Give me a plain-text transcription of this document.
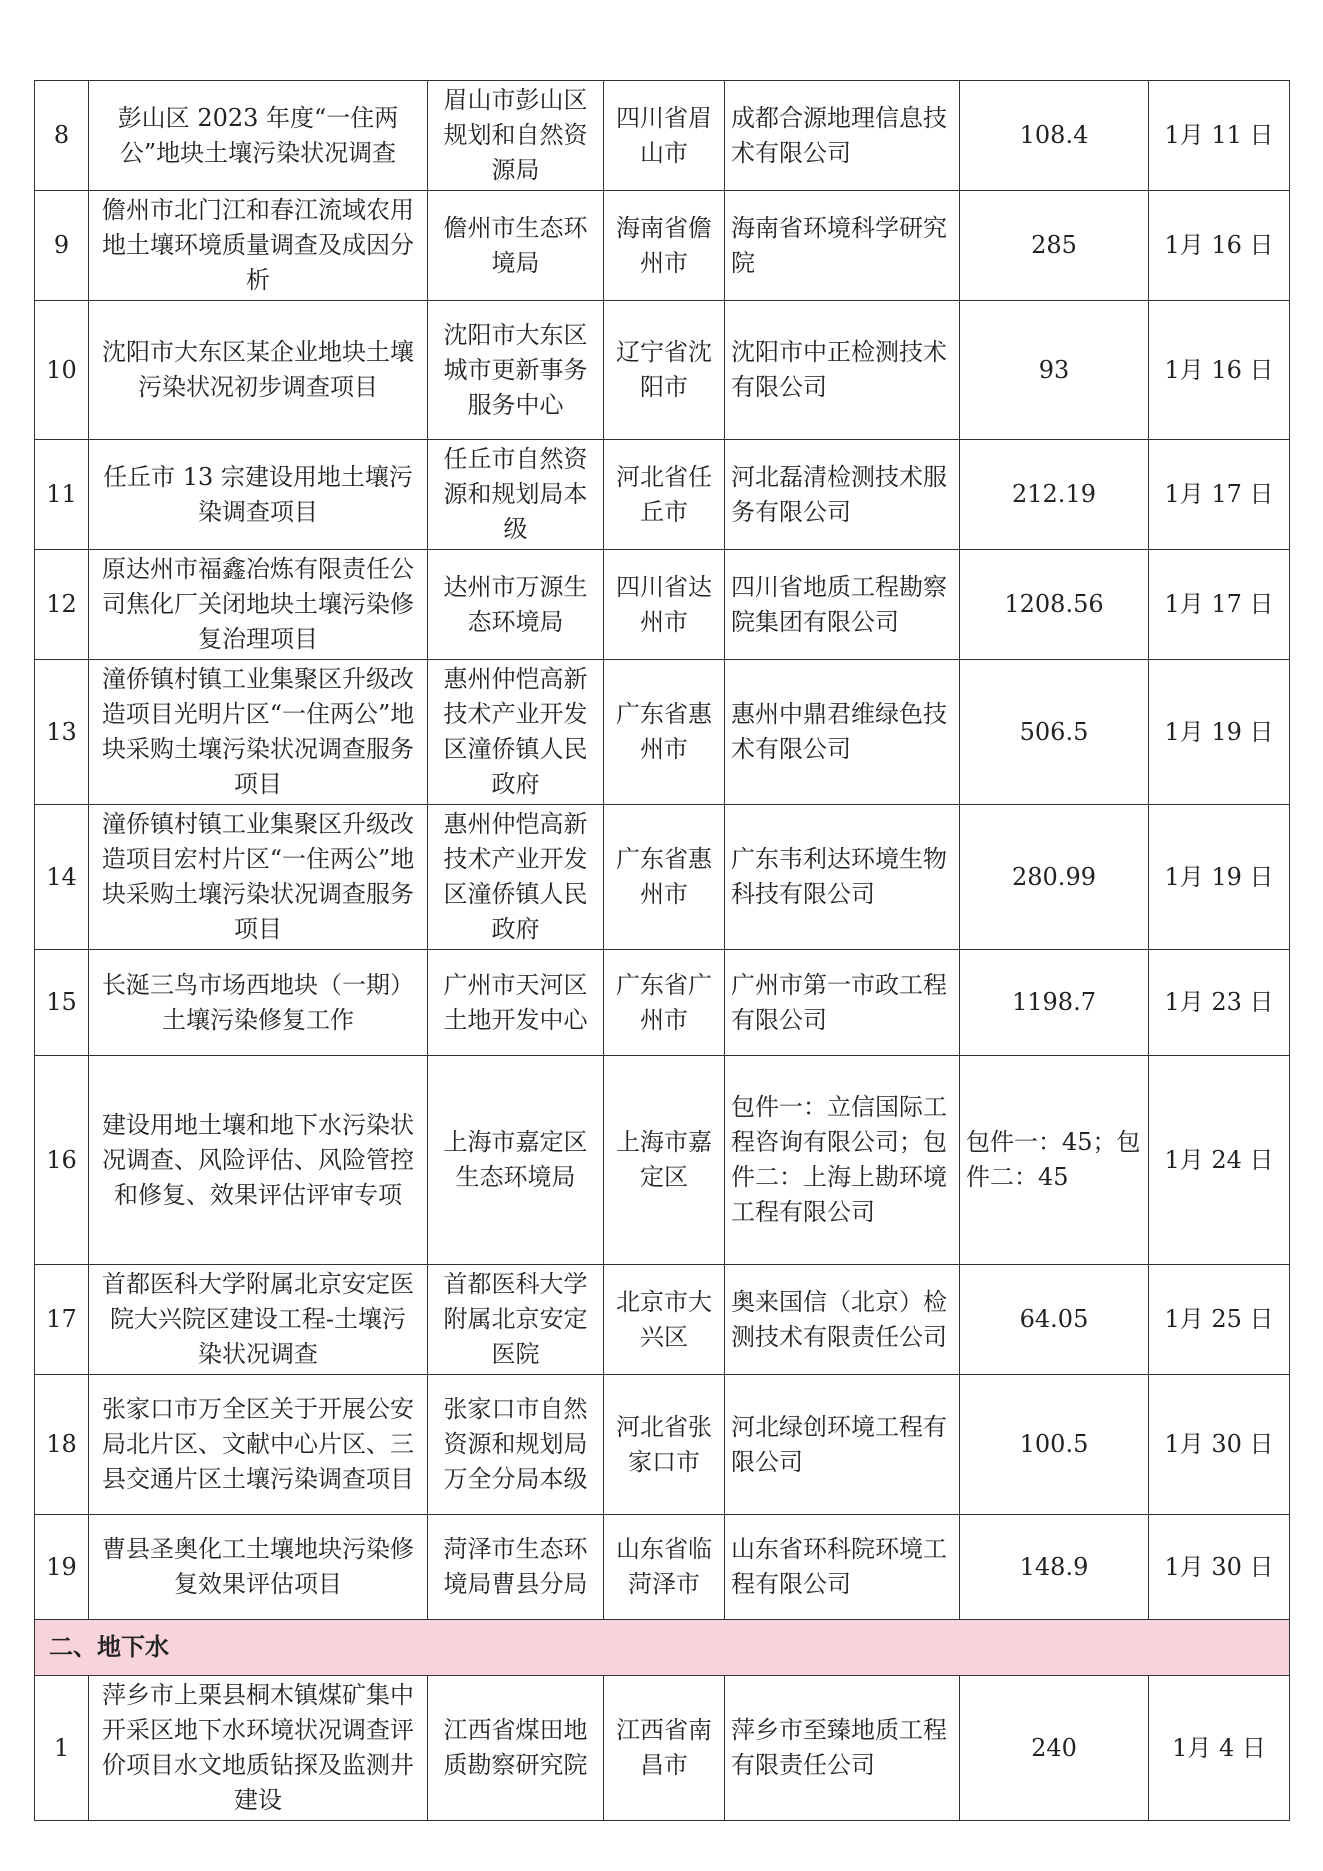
8	彭山区 2023 年度“一住两公”地块土壤污染状况调查	眉山市彭山区规划和自然资源局	四川省眉山市	成都合源地理信息技术有限公司	108.4	1月 11 日
9	儋州市北门江和春江流域农用地土壤环境质量调查及成因分析	儋州市生态环境局	海南省儋州市	海南省环境科学研究院	285	1月 16 日
10	沈阳市大东区某企业地块土壤污染状况初步调查项目	沈阳市大东区城市更新事务服务中心	辽宁省沈阳市	沈阳市中正检测技术有限公司	93	1月 16 日
11	任丘市 13 宗建设用地土壤污染调查项目	任丘市自然资源和规划局本级	河北省任丘市	河北磊清检测技术服务有限公司	212.19	1月 17 日
12	原达州市福鑫冶炼有限责任公司焦化厂关闭地块土壤污染修复治理项目	达州市万源生态环境局	四川省达州市	四川省地质工程勘察院集团有限公司	1208.56	1月 17 日
13	潼侨镇村镇工业集聚区升级改造项目光明片区“一住两公”地块采购土壤污染状况调查服务项目	惠州仲恺高新技术产业开发区潼侨镇人民政府	广东省惠州市	惠州中鼎君维绿色技术有限公司	506.5	1月 19 日
14	潼侨镇村镇工业集聚区升级改造项目宏村片区“一住两公”地块采购土壤污染状况调查服务项目	惠州仲恺高新技术产业开发区潼侨镇人民政府	广东省惠州市	广东韦利达环境生物科技有限公司	280.99	1月 19 日
15	长涎三鸟市场西地块（一期）土壤污染修复工作	广州市天河区土地开发中心	广东省广州市	广州市第一市政工程有限公司	1198.7	1月 23 日
16	建设用地土壤和地下水污染状况调查、风险评估、风险管控和修复、效果评估评审专项	上海市嘉定区生态环境局	上海市嘉定区	包件一：立信国际工程咨询有限公司；包件二：上海上勘环境工程有限公司	包件一：45；包件二：45	1月 24 日
17	首都医科大学附属北京安定医院大兴院区建设工程-土壤污染状况调查	首都医科大学附属北京安定医院	北京市大兴区	奥来国信（北京）检测技术有限责任公司	64.05	1月 25 日
18	张家口市万全区关于开展公安局北片区、文献中心片区、三县交通片区土壤污染调查项目	张家口市自然资源和规划局万全分局本级	河北省张家口市	河北绿创环境工程有限公司	100.5	1月 30 日
19	曹县圣奥化工土壤地块污染修复效果评估项目	菏泽市生态环境局曹县分局	山东省临菏泽市	山东省环科院环境工程有限公司	148.9	1月 30 日
二、地下水						
1	萍乡市上栗县桐木镇煤矿集中开采区地下水环境状况调查评价项目水文地质钻探及监测井建设	江西省煤田地质勘察研究院	江西省南昌市	萍乡市至臻地质工程有限责任公司	240	1月 4 日
